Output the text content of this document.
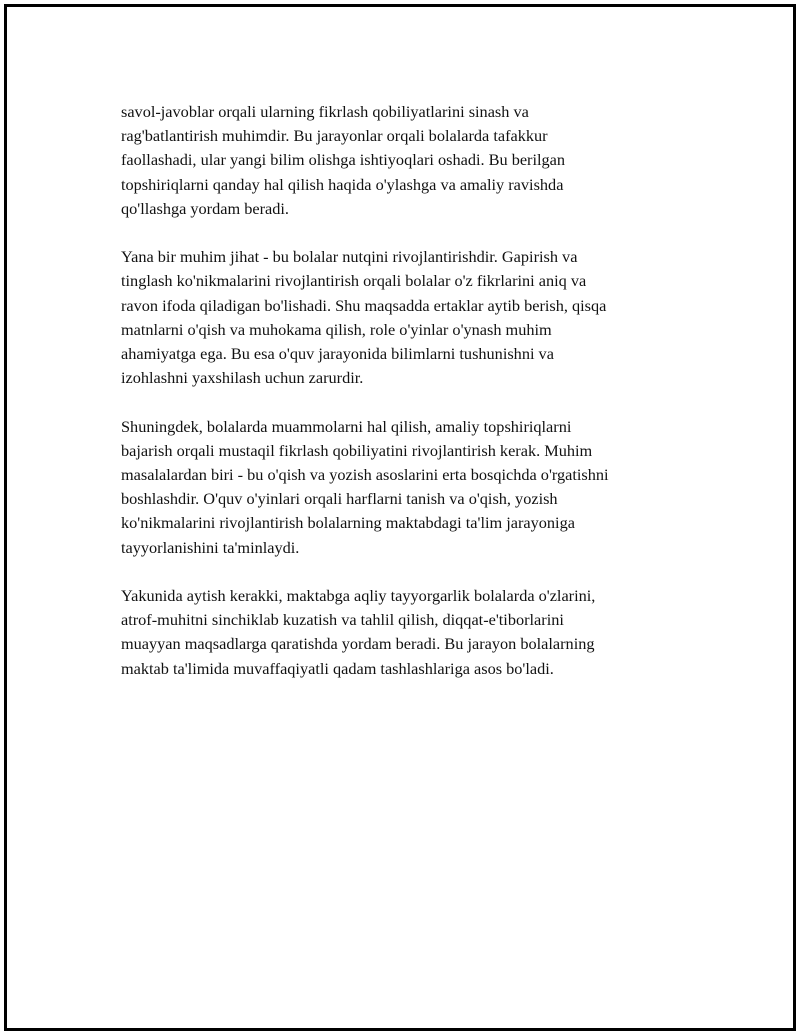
savol-javoblar orqali ularning fikrlash qobiliyatlarini sinash va
rag'batlantirish muhimdir. Bu jarayonlar orqali bolalarda tafakkur
faollashadi, ular yangi bilim olishga ishtiyoqlari oshadi. Bu berilgan
topshiriqlarni qanday hal qilish haqida o'ylashga va amaliy ravishda
qo'llashga yordam beradi.

Yana bir muhim jihat - bu bolalar nutqini rivojlantirishdir. Gapirish va
tinglash ko'nikmalarini rivojlantirish orqali bolalar o'z fikrlarini aniq va
ravon ifoda qiladigan bo'lishadi. Shu maqsadda ertaklar aytib berish, qisqa
matnlarni o'qish va muhokama qilish, role o'yinlar o'ynash muhim
ahamiyatga ega. Bu esa o'quv jarayonida bilimlarni tushunishni va
izohlashni yaxshilash uchun zarurdir.

Shuningdek, bolalarda muammolarni hal qilish, amaliy topshiriqlarni
bajarish orqali mustaqil fikrlash qobiliyatini rivojlantirish kerak. Muhim
masalalardan biri - bu o'qish va yozish asoslarini erta bosqichda o'rgatishni
boshlashdir. O'quv o'yinlari orqali harflarni tanish va o'qish, yozish
ko'nikmalarini rivojlantirish bolalarning maktabdagi ta'lim jarayoniga
tayyorlanishini ta'minlaydi.

Yakunida aytish kerakki, maktabga aqliy tayyorgarlik bolalarda o'zlarini,
atrof-muhitni sinchiklab kuzatish va tahlil qilish, diqqat-e'tiborlarini
muayyan maqsadlarga qaratishda yordam beradi. Bu jarayon bolalarning
maktab ta'limida muvaffaqiyatli qadam tashlashlariga asos bo'ladi.
